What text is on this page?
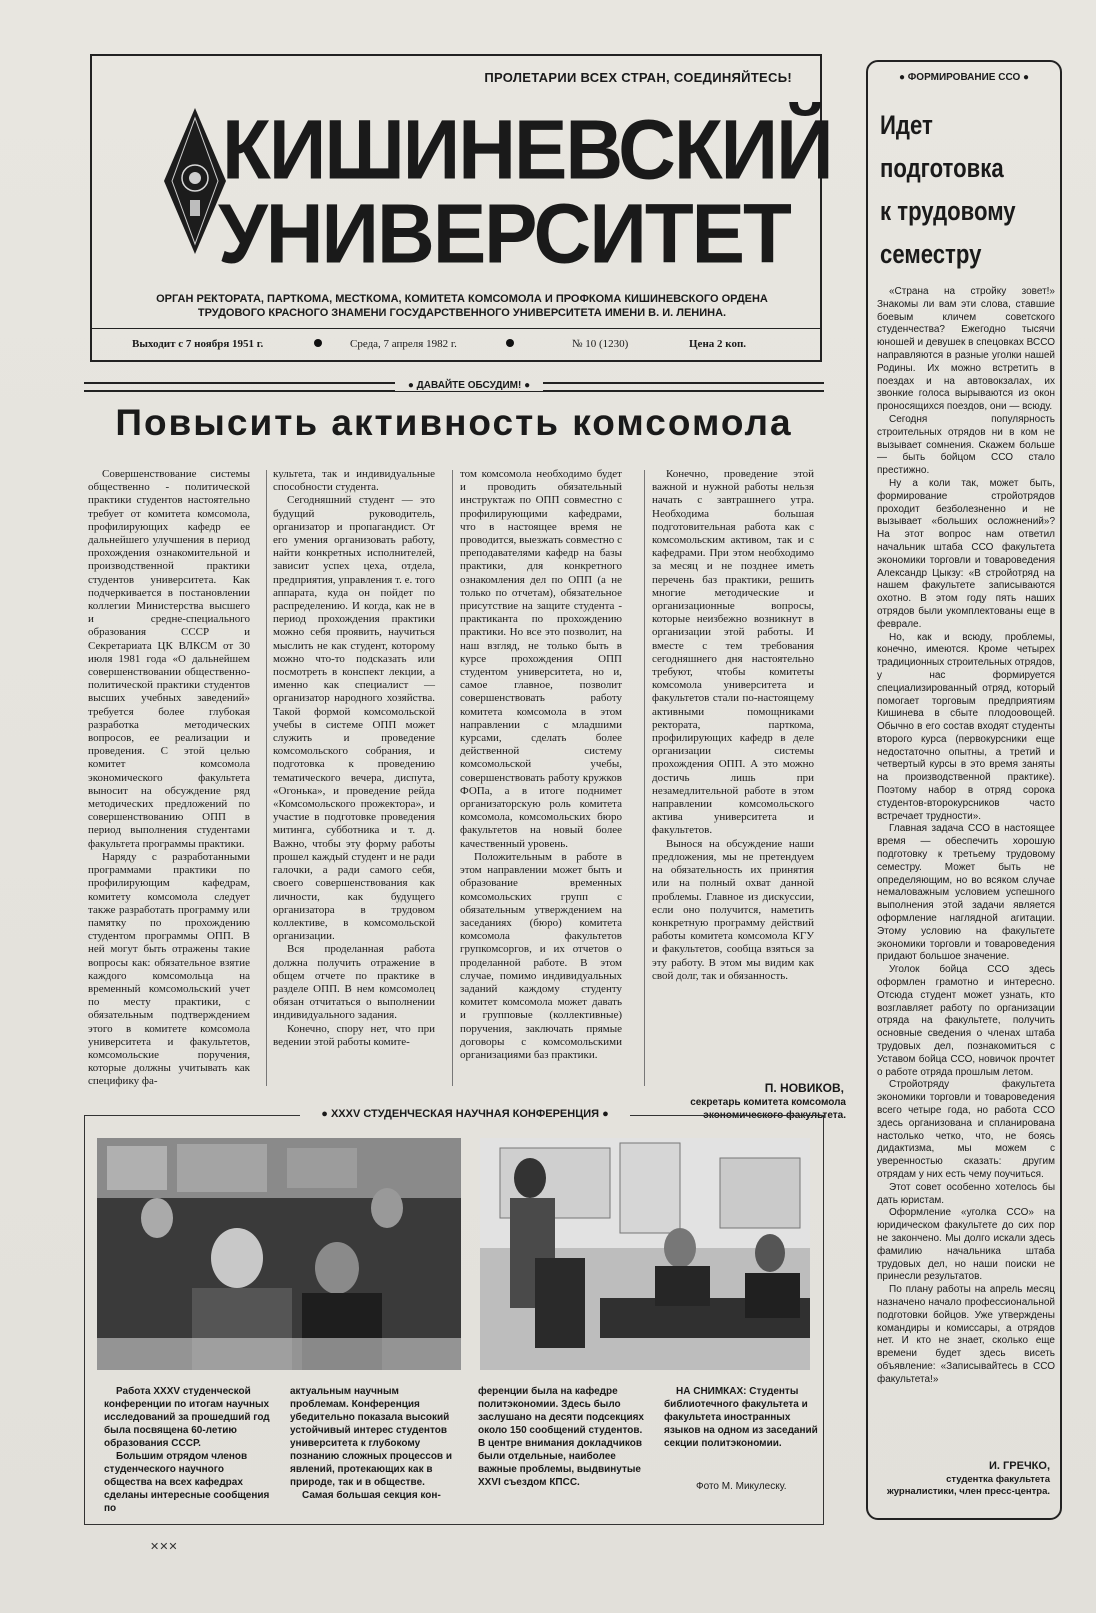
ПРОЛЕТАРИИ ВСЕХ СТРАН, СОЕДИНЯЙТЕСЬ!
КИШИНЕВСКИЙ
УНИВЕРСИТЕТ
ОРГАН РЕКТОРАТА, ПАРТКОМА, МЕСТКОМА, КОМИТЕТА КОМСОМОЛА И ПРОФКОМА КИШИНЕВСКОГО ОРДЕНА
ТРУДОВОГО КРАСНОГО ЗНАМЕНИ ГОСУДАРСТВЕННОГО УНИВЕРСИТЕТА ИМЕНИ В. И. ЛЕНИНА.
Выходит с 7 ноября 1951 г.	Среда, 7 апреля 1982 г.	№ 10 (1230)	Цена 2 коп.
● ДАВАЙТЕ ОБСУДИМ! ●
Повысить активность комсомола

Совершенствование системы общественно - политической практики студентов настоятельно требует от комитета комсомола, профилирующих кафедр ее дальнейшего улучшения в период прохождения ознакомительной и производственной практики студентов университета. Как подчеркивается в постановлении коллегии Министерства высшего и средне-специального образования СССР и Секретариата ЦК ВЛКСМ от 30 июля 1981 года «О дальнейшем совершенствовании общественно-политической практики студентов высших учебных заведений» требуется более глубокая разработка методических вопросов, ее реализации и проведения. С этой целью комитет комсомола экономического факультета выносит на обсуждение ряд методических предложений по совершенствованию ОПП в период выполнения студентами факультета программы практики.

Наряду с разработанными программами практики по профилирующим кафедрам, комитету комсомола следует также разработать программу или памятку по прохождению студентом программы ОПП. В ней могут быть отражены такие вопросы как: обязательное взятие каждого комсомольца на временный комсомольский учет по месту практики, с обязательным подтверждением этого в комитете комсомола университета и факультетов, комсомольские поручения, которые должны учитывать как специфику фа-

культета, так и индивидуальные способности студента.

Сегодняшний студент — это будущий руководитель, организатор и пропагандист. От его умения организовать работу, найти конкретных исполнителей, зависит успех цеха, отдела, предприятия, управления т. е. того аппарата, куда он пойдет по распределению. И когда, как не в период прохождения практики можно себя проявить, научиться мыслить не как студент, которому можно что-то подсказать или посмотреть в конспект лекции, а именно как специалист — организатор народного хозяйства. Такой формой комсомольской учебы в системе ОПП может служить и проведение комсомольского собрания, и подготовка к проведению тематического вечера, диспута, «Огонька», и проведение рейда «Комсомольского прожектора», и участие в подготовке проведения митинга, субботника и т. д. Важно, чтобы эту форму работы прошел каждый студент и не ради галочки, а ради самого себя, своего совершенствования как личности, как будущего организатора в трудовом коллективе, в комсомольской организации.

Вся проделанная работа должна получить отражение в общем отчете по практике в разделе ОПП. В нем комсомолец обязан отчитаться о выполнении индивидуального задания.

Конечно, спору нет, что при ведении этой работы комите-

том комсомола необходимо будет и проводить обязательный инструктаж по ОПП совместно с профилирующими кафедрами, что в настоящее время не проводится, выезжать совместно с преподавателями кафедр на базы практики, для конкретного ознакомления дел по ОПП (а не только по отчетам), обязательное присутствие на защите студента - практиканта по прохождению практики. Но все это позволит, на наш взгляд, не только быть в курсе прохождения ОПП студентом университета, но и, самое главное, позволит совершенствовать работу комитета комсомола в этом направлении с младшими курсами, сделать более действенной систему комсомольской учебы, совершенствовать работу кружков ФОПа, а в итоге поднимет организаторскую роль комитета комсомола, комсомольских бюро факультетов на новый более качественный уровень.

Положительным в работе в этом направлении может быть и образование временных комсомольских групп с обязательным утверждением на заседаниях (бюро) комитета комсомола факультетов групкомсоргов, и их отчетов о проделанной работе. В этом случае, помимо индивидуальных заданий каждому студенту комитет комсомола может давать и групповые (коллективные) поручения, заключать прямые договоры с комсомольскими организациями баз практики.

Конечно, проведение этой важной и нужной работы нельзя начать с завтрашнего утра. Необходима большая подготовительная работа как с комсомольским активом, так и с кафедрами. При этом необходимо за месяц и не позднее иметь перечень баз практики, решить многие методические и организационные вопросы, которые неизбежно возникнут в организации этой работы. И вместе с тем требования сегодняшнего дня настоятельно требуют, чтобы комитеты комсомола университета и факультетов стали по-настоящему активными помощниками ректората, парткома, профилирующих кафедр в деле организации системы прохождения ОПП. А это можно достичь лишь при незамедлительной работе в этом направлении комсомольского актива университета и факультетов.

Вынося на обсуждение наши предложения, мы не претендуем на обязательность их принятия или на полный охват данной проблемы. Главное из дискуссии, если оно получится, наметить конкретную программу действий работы комитета комсомола КГУ и факультетов, сообща взяться за эту работу. В этом мы видим как свой долг, так и обязанность.

П. НОВИКОВ,
секретарь комитета комсомола экономического факультета.
● XXXV СТУДЕНЧЕСКАЯ НАУЧНАЯ КОНФЕРЕНЦИЯ ●

Работа XXXV студенческой конференции по итогам научных исследований за прошедший год была посвящена 60-летию образования СССР.

Большим отрядом членов студенческого научного общества на всех кафедрах сделаны интересные сообщения по

актуальным научным проблемам. Конференция убедительно показала высокий устойчивый интерес студентов университета к глубокому познанию сложных процессов и явлений, протекающих как в природе, так и в обществе.

Самая большая секция кон-

ференции была на кафедре политэкономии. Здесь было заслушано на десяти подсекциях около 150 сообщений студентов. В центре внимания докладчиков были отдельные, наиболее важные проблемы, выдвинутые XXVI съездом КПСС.

НА СНИМКАХ: Студенты библиотечного факультета и факультета иностранных языков на одном из заседаний секции политэкономии.

Фото М. Микулеску.
● ФОРМИРОВАНИЕ ССО ●
Идет
подготовка
к трудовому
семестру

«Страна на стройку зовет!» Знакомы ли вам эти слова, ставшие боевым кличем советского студенчества? Ежегодно тысячи юношей и девушек в спецовках ВССО направляются в разные уголки нашей Родины. Их можно встретить в поездах и на автовокзалах, их звонкие голоса вырываются из окон проносящихся поездов, они — всюду.

Сегодня популярность строительных отрядов ни в ком не вызывает сомнения. Скажем больше — быть бойцом ССО стало престижно.

Ну а коли так, может быть, формирование стройотрядов проходит безболезненно и не вызывает «больших осложнений»? На этот вопрос нам ответил начальник штаба ССО факультета экономики торговли и товароведения Александр Цыкзу: «В стройотряд на нашем факультете записываются охотно. В этом году пять наших отрядов были укомплектованы еще в феврале.

Но, как и всюду, проблемы, конечно, имеются. Кроме четырех традиционных строительных отрядов, у нас формируется специализированный отряд, который помогает торговым предприятиям Кишинева в сбыте плодоовощей. Обычно в его состав входят студенты второго курса (первокурсники еще недостаточно опытны, а третий и четвертый курсы в это время заняты на производственной практике). Поэтому набор в отряд сорока студентов-второкурсников часто встречает трудности».

Главная задача ССО в настоящее время — обеспечить хорошую подготовку к третьему трудовому семестру. Может быть не определяющим, но во всяком случае немаловажным условием успешного выполнения этой задачи является оформление наглядной агитации. Этому условию на факультете экономики торговли и товароведения придают большое значение.

Уголок бойца ССО здесь оформлен грамотно и интересно. Отсюда студент может узнать, кто возглавляет работу по организации отряда на факультете, получить основные сведения о членах штаба трудовых дел, познакомиться с Уставом бойца ССО, новичок прочтет о работе отряда прошлым летом.

Стройотряду факультета экономики торговли и товароведения всего четыре года, но работа ССО здесь организована и спланирована настолько четко, что, не боясь дидактизма, мы можем с уверенностью сказать: другим отрядам у них есть чему поучиться.

Этот совет особенно хотелось бы дать юристам.

Оформление «уголка ССО» на юридическом факультете до сих пор не закончено. Мы долго искали здесь фамилию начальника штаба трудовых дел, но наши поиски не принесли результатов.

По плану работы на апрель месяц назначено начало профессиональной подготовки бойцов. Уже утверждены командиры и комиссары, а отрядов нет. И кто не знает, сколько еще времени будет здесь висеть объявление: «Записывайтесь в ССО факультета!»

И. ГРЕЧКО,
студентка факультета журналистики, член пресс-центра.
✕✕✕
